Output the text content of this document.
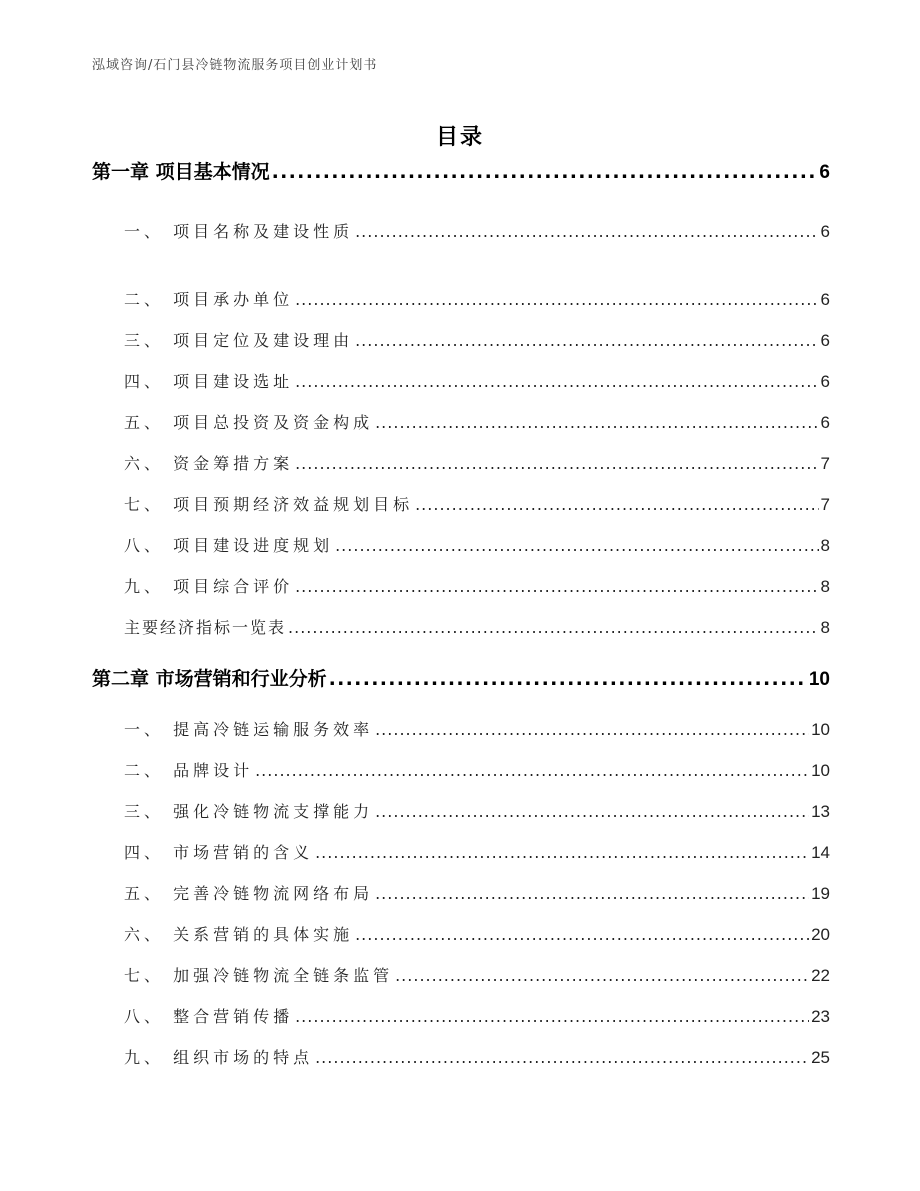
泓域咨询/石门县冷链物流服务项目创业计划书
目录
第一章 项目基本情况 .....	6
一、 项目名称及建设性质 .....	6
二、 项目承办单位 .....	6
三、 项目定位及建设理由 .....	6
四、 项目建设选址 .....	6
五、 项目总投资及资金构成 .....	6
六、 资金筹措方案 .....	7
七、 项目预期经济效益规划目标 .....	7
八、 项目建设进度规划 .....	8
九、 项目综合评价 .....	8
主要经济指标一览表 .....	8
第二章 市场营销和行业分析 .....	10
一、 提高冷链运输服务效率 .....	10
二、 品牌设计 .....	10
三、 强化冷链物流支撑能力 .....	13
四、 市场营销的含义 .....	14
五、 完善冷链物流网络布局 .....	19
六、 关系营销的具体实施 .....	20
七、 加强冷链物流全链条监管 .....	22
八、 整合营销传播 .....	23
九、 组织市场的特点 .....	25
